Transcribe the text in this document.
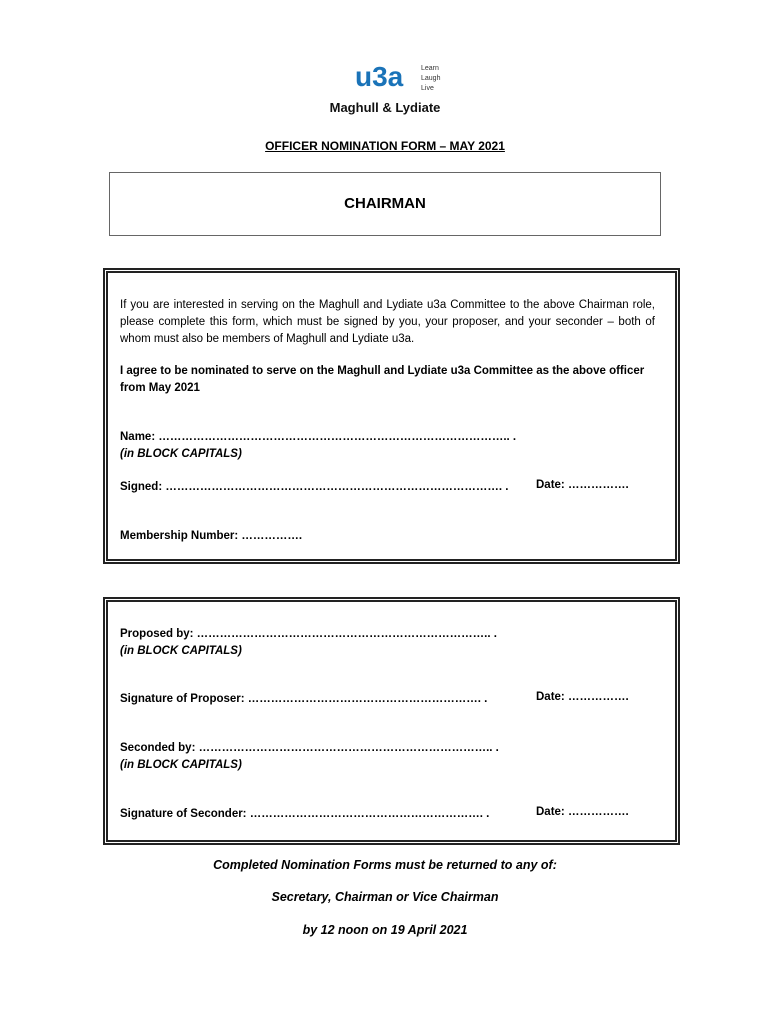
u3a	Learn
Laugh
Live
Maghull & Lydiate
OFFICER NOMINATION FORM – MAY 2021
CHAIRMAN
If you are interested in serving on the Maghull and Lydiate u3a Committee to the above Chairman role, please complete this form, which must be signed by you, your proposer, and your seconder – both of whom must also be members of Maghull and Lydiate u3a.
I agree to be nominated to serve on the Maghull and Lydiate u3a Committee as the above officer from May 2021
Name: ……………………………………………………………………………….. .
(in BLOCK CAPITALS)
Signed: ……………………………………………………………………………. . Date: …………….
Membership Number: …………….
Proposed by: ………………………………………………………………….. .
(in BLOCK CAPITALS)
Signature of Proposer: ……………………………………………………. .	Date: …………….
Seconded by: ………………………………………………………………….. .
(in BLOCK CAPITALS)
Signature of Seconder: ……………………………………………………. .	Date: …………….
Completed Nomination Forms must be returned to any of:
Secretary, Chairman or Vice Chairman
by 12 noon on 19 April 2021
